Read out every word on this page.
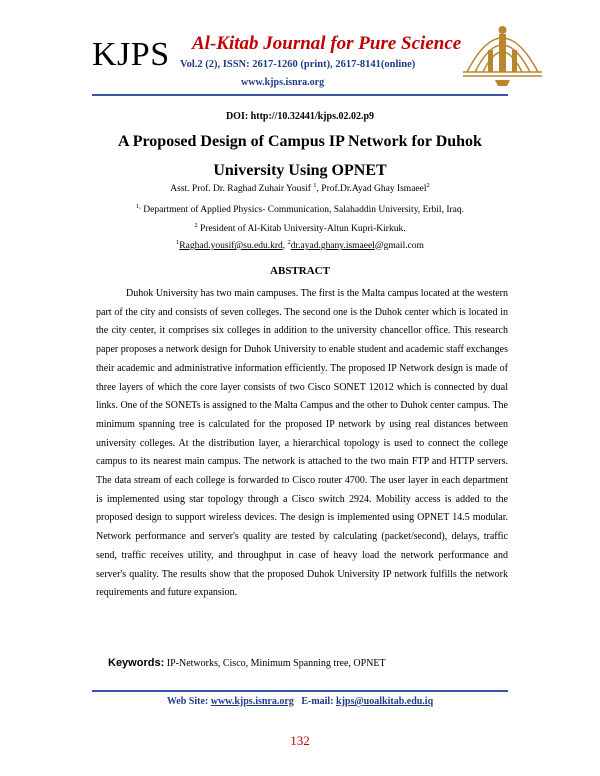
KJPS Al-Kitab Journal for Pure Science
Vol.2 (2), ISSN: 2617-1260 (print), 2617-8141(online)
www.kjps.isnra.org
DOI: http://10.32441/kjps.02.02.p9
A Proposed Design of Campus IP Network for Duhok
University Using OPNET
Asst. Prof. Dr. Raghad Zuhair Yousif $^1$, Prof.Dr.Ayad Ghay Ismaeel$^2$
$^{1,}$ Department of Applied Physics- Communication, Salahaddin University, Erbil, Iraq.
$^2$ President of Al-Kitab University-Altun Kupri-Kirkuk.
$^1$Raghad.yousif@su.edu.krd, $^2$dr.ayad.ghany.ismaeel@gmail.com
ABSTRACT

Duhok University has two main campuses. The first is the Malta campus located at the western part of the city and consists of seven colleges. The second one is the Duhok center which is located in the city center, it comprises six colleges in addition to the university chancellor office. This research paper proposes a network design for Duhok University to enable student and academic staff exchanges their academic and administrative information efficiently. The proposed IP Network design is made of three layers of which the core layer consists of two Cisco SONET 12012 which is connected by dual links. One of the SONETs is assigned to the Malta Campus and the other to Duhok center campus. The minimum spanning tree is calculated for the proposed IP network by using real distances between university colleges. At the distribution layer, a hierarchical topology is used to connect the college campus to its nearest main campus. The network is attached to the two main FTP and HTTP servers. The data stream of each college is forwarded to Cisco router 4700. The user layer in each department is implemented using star topology through a Cisco switch 2924. Mobility access is added to the proposed design to support wireless devices. The design is implemented using OPNET 14.5 modular. Network performance and server's quality are tested by calculating (packet/second), delays, traffic send, traffic receives utility, and throughput in case of heavy load the network performance and server's quality. The results show that the proposed Duhok University IP network fulfills the network requirements and future expansion.

Keywords: IP-Networks, Cisco, Minimum Spanning tree, OPNET
Web Site: www.kjps.isnra.org E-mail: kjps@uoalkitab.edu.iq
132
